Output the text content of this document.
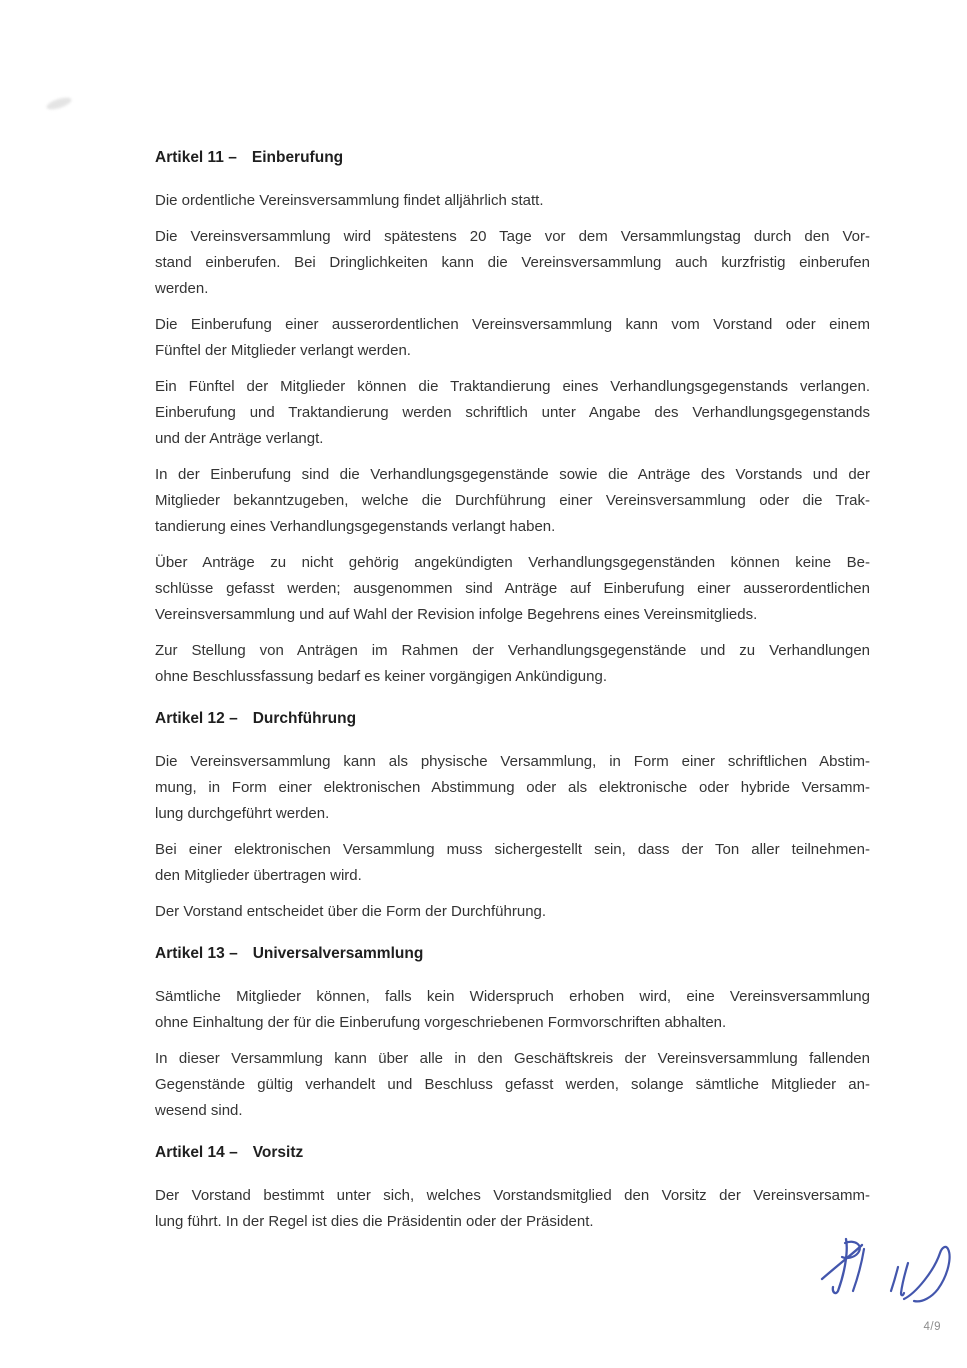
Artikel 11 – Einberufung
Die ordentliche Vereinsversammlung findet alljährlich statt.
Die Vereinsversammlung wird spätestens 20 Tage vor dem Versammlungstag durch den Vor-
stand einberufen. Bei Dringlichkeiten kann die Vereinsversammlung auch kurzfristig einberufen
werden.
Die Einberufung einer ausserordentlichen Vereinsversammlung kann vom Vorstand oder einem
Fünftel der Mitglieder verlangt werden.
Ein Fünftel der Mitglieder können die Traktandierung eines Verhandlungsgegenstands verlangen.
Einberufung und Traktandierung werden schriftlich unter Angabe des Verhandlungsgegenstands
und der Anträge verlangt.
In der Einberufung sind die Verhandlungsgegenstände sowie die Anträge des Vorstands und der
Mitglieder bekanntzugeben, welche die Durchführung einer Vereinsversammlung oder die Trak-
tandierung eines Verhandlungsgegenstands verlangt haben.
Über Anträge zu nicht gehörig angekündigten Verhandlungsgegenständen können keine Be-
schlüsse gefasst werden; ausgenommen sind Anträge auf Einberufung einer ausserordentlichen
Vereinsversammlung und auf Wahl der Revision infolge Begehrens eines Vereinsmitglieds.
Zur Stellung von Anträgen im Rahmen der Verhandlungsgegenstände und zu Verhandlungen
ohne Beschlussfassung bedarf es keiner vorgängigen Ankündigung.
Artikel 12 – Durchführung
Die Vereinsversammlung kann als physische Versammlung, in Form einer schriftlichen Abstim-
mung, in Form einer elektronischen Abstimmung oder als elektronische oder hybride Versamm-
lung durchgeführt werden.
Bei einer elektronischen Versammlung muss sichergestellt sein, dass der Ton aller teilnehmen-
den Mitglieder übertragen wird.
Der Vorstand entscheidet über die Form der Durchführung.
Artikel 13 – Universalversammlung
Sämtliche Mitglieder können, falls kein Widerspruch erhoben wird, eine Vereinsversammlung
ohne Einhaltung der für die Einberufung vorgeschriebenen Formvorschriften abhalten.
In dieser Versammlung kann über alle in den Geschäftskreis der Vereinsversammlung fallenden
Gegenstände gültig verhandelt und Beschluss gefasst werden, solange sämtliche Mitglieder an-
wesend sind.
Artikel 14 – Vorsitz
Der Vorstand bestimmt unter sich, welches Vorstandsmitglied den Vorsitz der Vereinsversamm-
lung führt. In der Regel ist dies die Präsidentin oder der Präsident.
4/9
